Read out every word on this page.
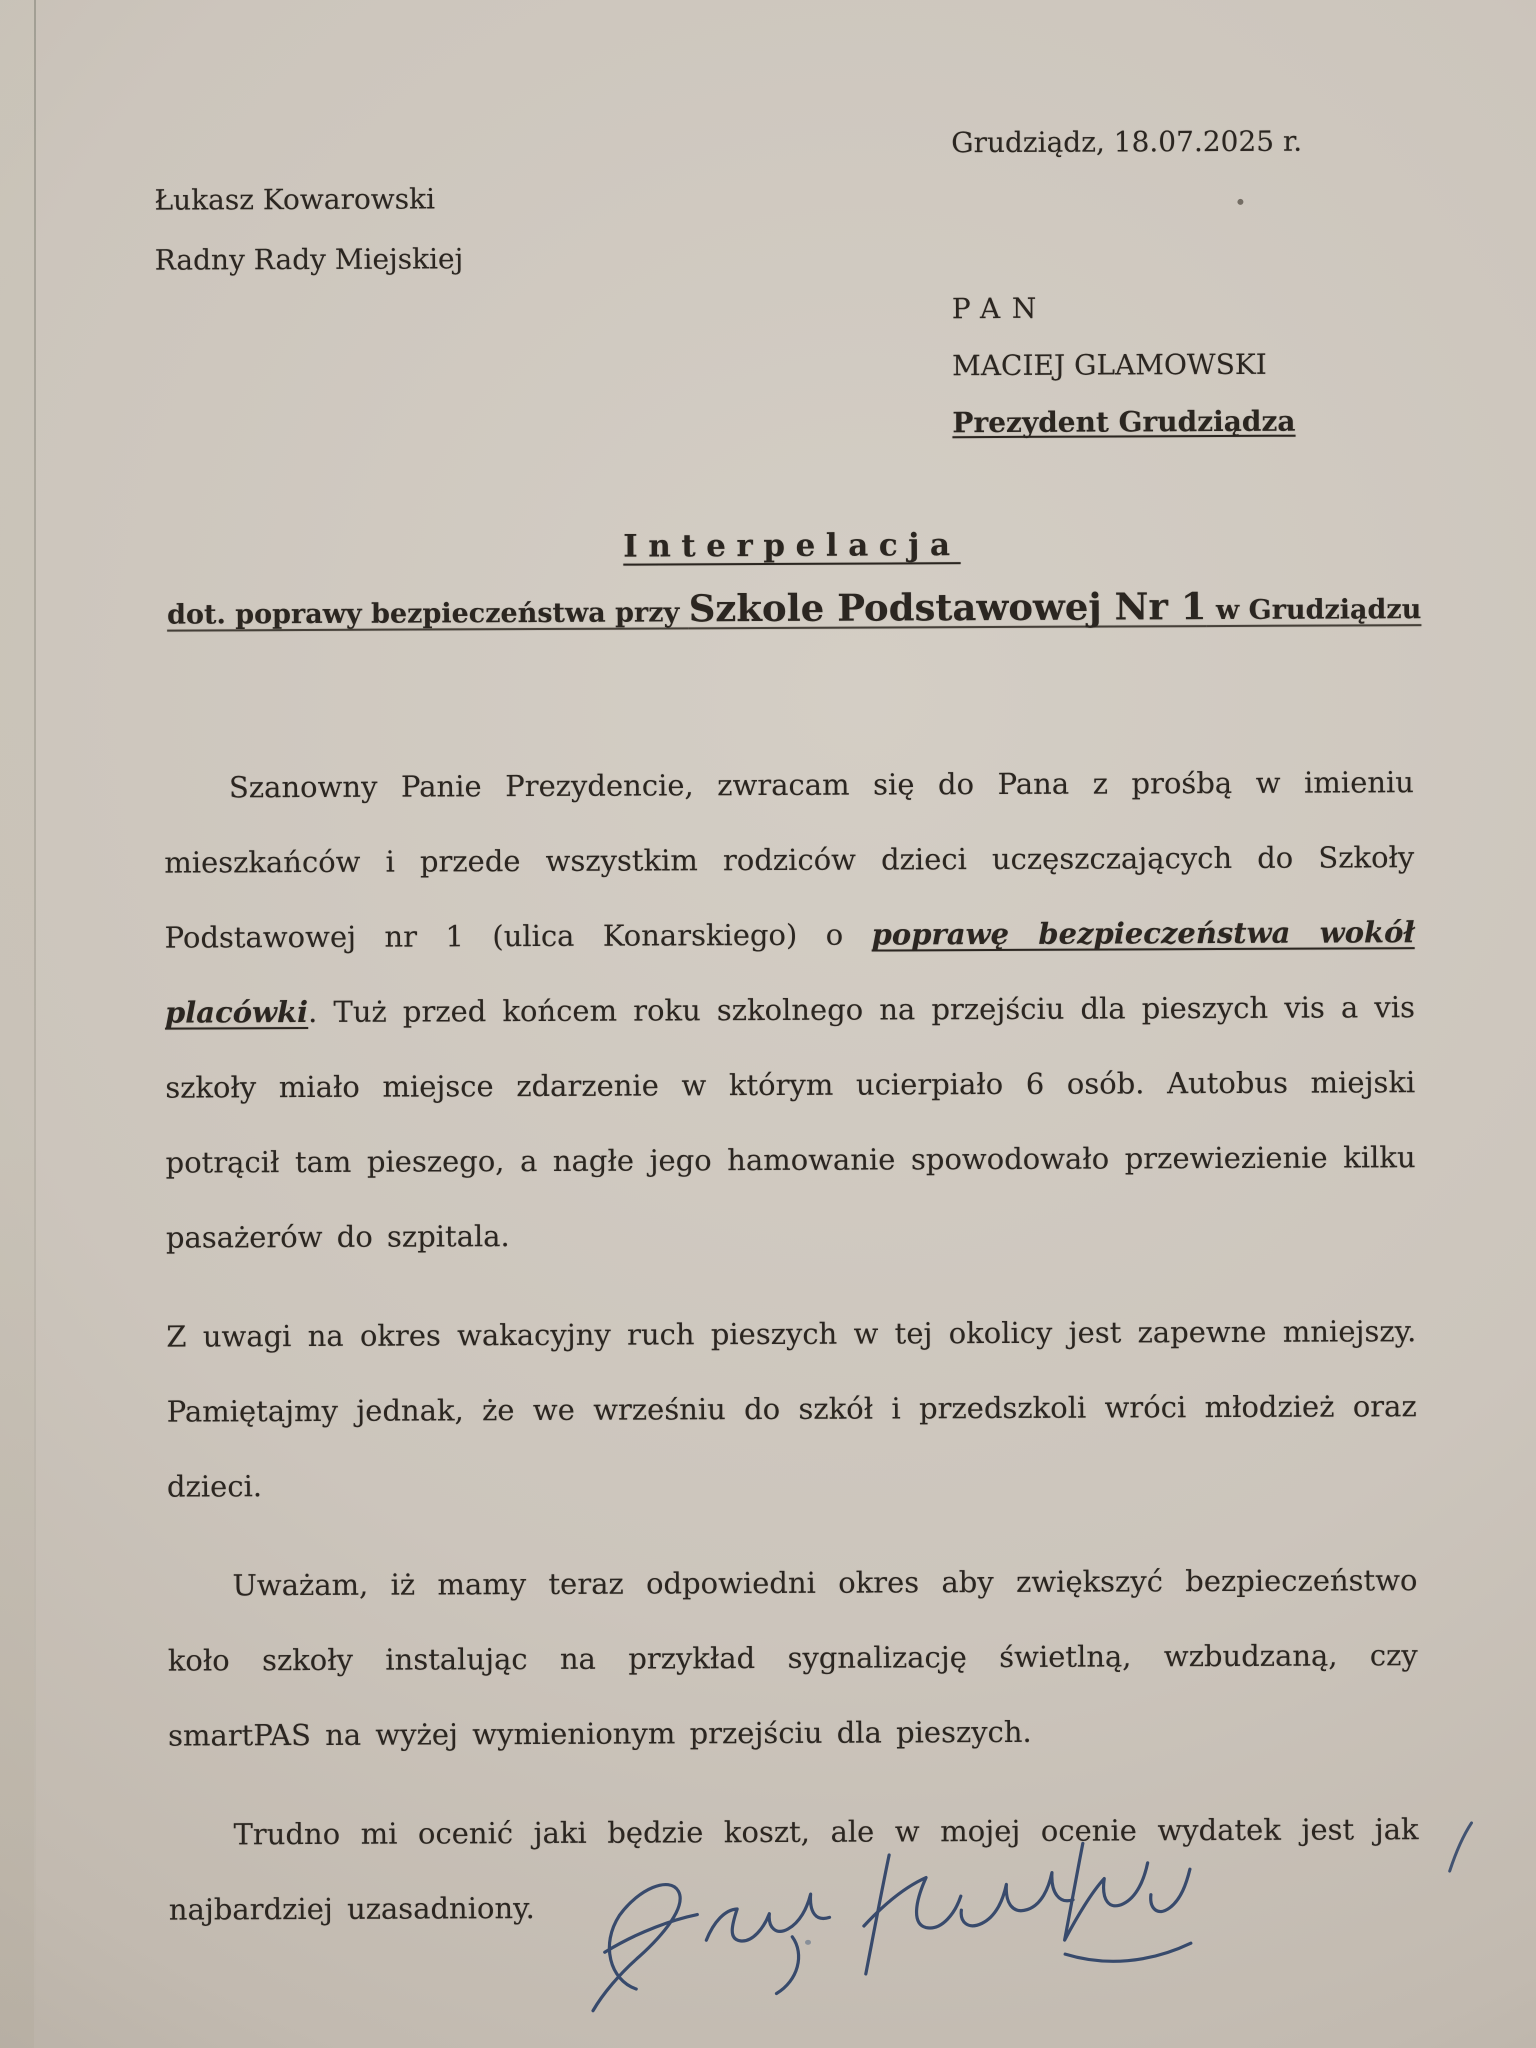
Grudziądz, 18.07.2025 r.
Łukasz Kowarowski
Radny Rady Miejskiej
PAN
MACIEJ GLAMOWSKI
Prezydent Grudziądza
Interpelacja
dot. poprawy bezpieczeństwa przy Szkole Podstawowej Nr 1 w Grudziądzu
Szanowny Panie Prezydencie, zwracam się do Pana z prośbą w imieniu mieszkańców i przede wszystkim rodziców dzieci uczęszczających do Szkoły Podstawowej nr 1 (ulica Konarskiego) o poprawę bezpieczeństwa wokół placówki. Tuż przed końcem roku szkolnego na przejściu dla pieszych vis a vis szkoły miało miejsce zdarzenie w którym ucierpiało 6 osób. Autobus miejski potrącił tam pieszego, a nagłe jego hamowanie spowodowało przewiezienie kilku pasażerów do szpitala.
Z uwagi na okres wakacyjny ruch pieszych w tej okolicy jest zapewne mniejszy. Pamiętajmy jednak, że we wrześniu do szkół i przedszkoli wróci młodzież oraz dzieci.
Uważam, iż mamy teraz odpowiedni okres aby zwiększyć bezpieczeństwo koło szkoły instalując na przykład sygnalizację świetlną, wzbudzaną, czy smartPAS na wyżej wymienionym przejściu dla pieszych.
Trudno mi ocenić jaki będzie koszt, ale w mojej ocenie wydatek jest jak najbardziej uzasadniony.
